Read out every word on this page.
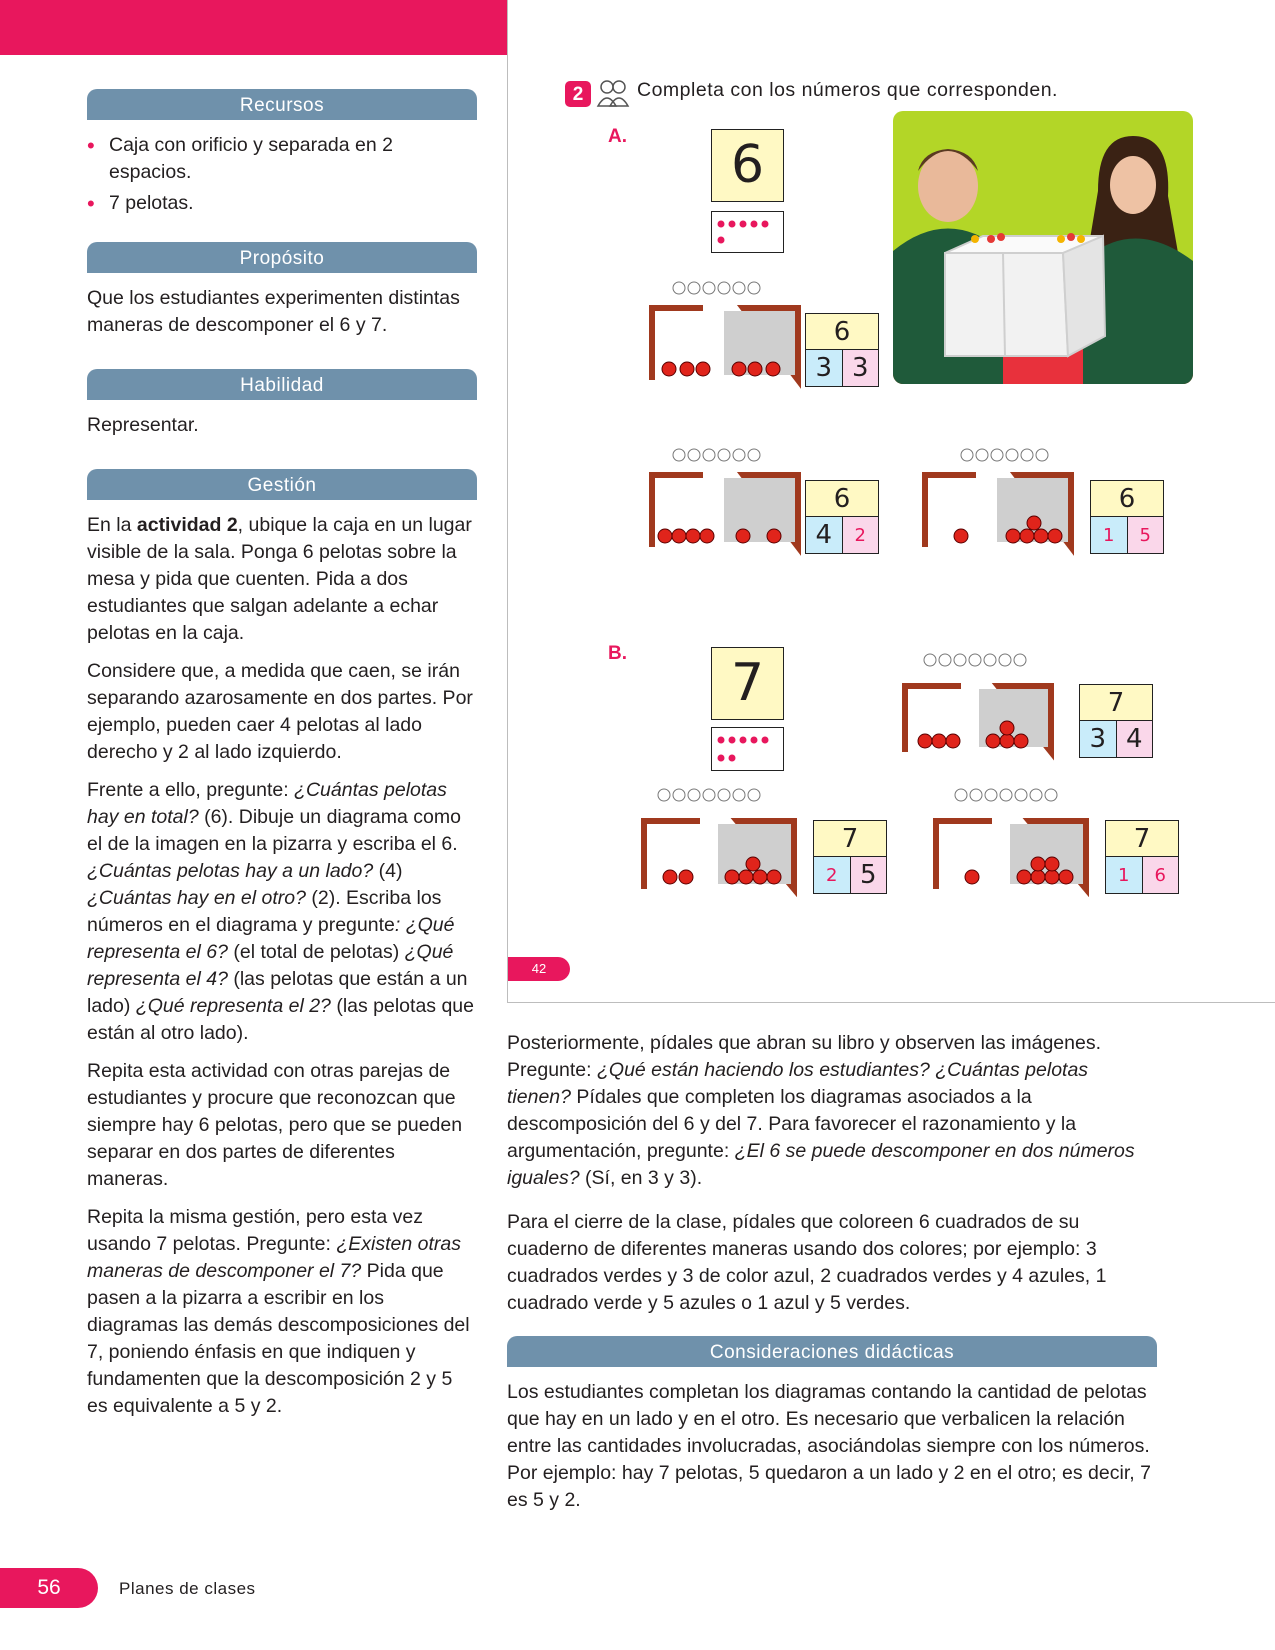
Recursos
• Caja con orificio y separada en 2 espacios.
• 7 pelotas.
Propósito
Que los estudiantes experimenten distintas maneras de descomponer el 6 y 7.
Habilidad
Representar.
Gestión

En la actividad 2, ubique la caja en un lugar visible de la sala. Ponga 6 pelotas sobre la mesa y pida que cuenten. Pida a dos estudiantes que salgan adelante a echar pelotas en la caja.

Considere que, a medida que caen, se irán separando azarosamente en dos partes. Por ejemplo, pueden caer 4 pelotas al lado derecho y 2 al lado izquierdo.

Frente a ello, pregunte: ¿Cuántas pelotas hay en total? (6). Dibuje un diagrama como el de la imagen en la pizarra y escriba el 6. ¿Cuántas pelotas hay a un lado? (4) ¿Cuántas hay en el otro? (2). Escriba los números en el diagrama y pregunte: ¿Qué representa el 6? (el total de pelotas) ¿Qué representa el 4? (las pelotas que están a un lado) ¿Qué representa el 2? (las pelotas que están al otro lado).

Repita esta actividad con otras parejas de estudiantes y procure que reconozcan que siempre hay 6 pelotas, pero que se pueden separar en dos partes de diferentes maneras.

Repita la misma gestión, pero esta vez usando 7 pelotas. Pregunte: ¿Existen otras maneras de descomponer el 7? Pida que pasen a la pizarra a escribir en los diagramas las demás descomposiciones del 7, poniendo énfasis en que indiquen y fundamenten que la descomposición 2 y 5 es equivalente a 5 y 2.

2	Completa con los números que corresponden.
A.	6
6
3 3
6
4	2
6
1	5
B.	7	7
3 4
7
2 5
7
1	6
42

Posteriormente, pídales que abran su libro y observen las imágenes. Pregunte: ¿Qué están haciendo los estudiantes? ¿Cuántas pelotas tienen? Pídales que completen los diagramas asociados a la descomposición del 6 y del 7. Para favorecer el razonamiento y la argumentación, pregunte: ¿El 6 se puede descomponer en dos números iguales? (Sí, en 3 y 3).

Para el cierre de la clase, pídales que coloreen 6 cuadrados de su cuaderno de diferentes maneras usando dos colores; por ejemplo: 3 cuadrados verdes y 3 de color azul, 2 cuadrados verdes y 4 azules, 1 cuadrado verde y 5 azules o 1 azul y 5 verdes.

Consideraciones didácticas
Los estudiantes completan los diagramas contando la cantidad de pelotas que hay en un lado y en el otro. Es necesario que verbalicen la relación entre las cantidades involucradas, asociándolas siempre con los números. Por ejemplo: hay 7 pelotas, 5 quedaron a un lado y 2 en el otro; es decir, 7 es 5 y 2.
56	Planes de clases
